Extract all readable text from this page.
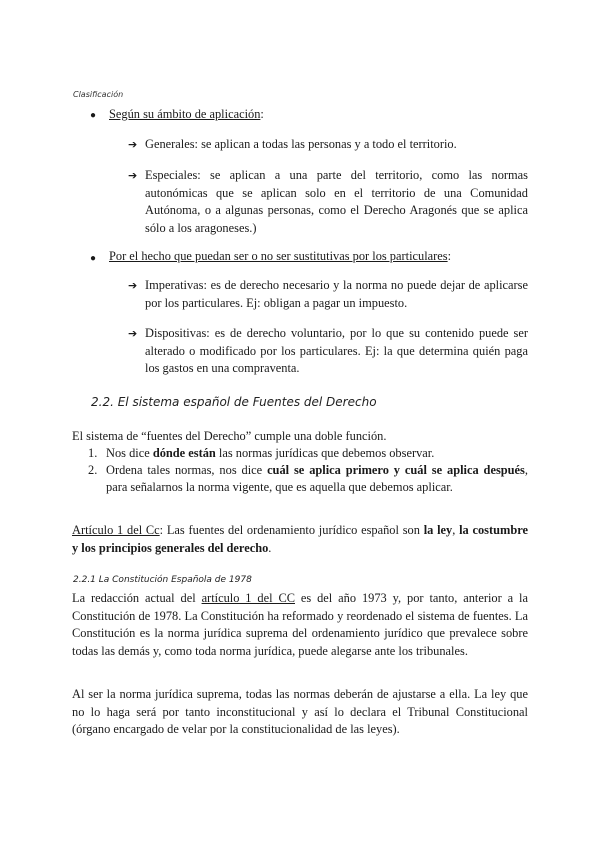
Clasificación
● Según su ámbito de aplicación:
➔ Generales: se aplican a todas las personas y a todo el territorio.
➔ Especiales: se aplican a una parte del territorio, como las normas autonómicas que se aplican solo en el territorio de una Comunidad Autónoma, o a algunas personas, como el Derecho Aragonés que se aplica sólo a los aragoneses.)
● Por el hecho que puedan ser o no ser sustitutivas por los particulares:
➔ Imperativas: es de derecho necesario y la norma no puede dejar de aplicarse por los particulares. Ej: obligan a pagar un impuesto.
➔ Dispositivas: es de derecho voluntario, por lo que su contenido puede ser alterado o modificado por los particulares. Ej: la que determina quién paga los gastos en una compraventa.
2.2. El sistema español de Fuentes del Derecho
El sistema de “fuentes del Derecho” cumple una doble función.
1. Nos dice dónde están las normas jurídicas que debemos observar.
2. Ordena tales normas, nos dice cuál se aplica primero y cuál se aplica después, para señalarnos la norma vigente, que es aquella que debemos aplicar.
Artículo 1 del Cc: Las fuentes del ordenamiento jurídico español son la ley, la costumbre y los principios generales del derecho.
2.2.1 La Constitución Española de 1978
La redacción actual del artículo 1 del CC es del año 1973 y, por tanto, anterior a la Constitución de 1978. La Constitución ha reformado y reordenado el sistema de fuentes. La Constitución es la norma jurídica suprema del ordenamiento jurídico que prevalece sobre todas las demás y, como toda norma jurídica, puede alegarse ante los tribunales.
Al ser la norma jurídica suprema, todas las normas deberán de ajustarse a ella. La ley que no lo haga será por tanto inconstitucional y así lo declara el Tribunal Constitucional (órgano encargado de velar por la constitucionalidad de las leyes).
